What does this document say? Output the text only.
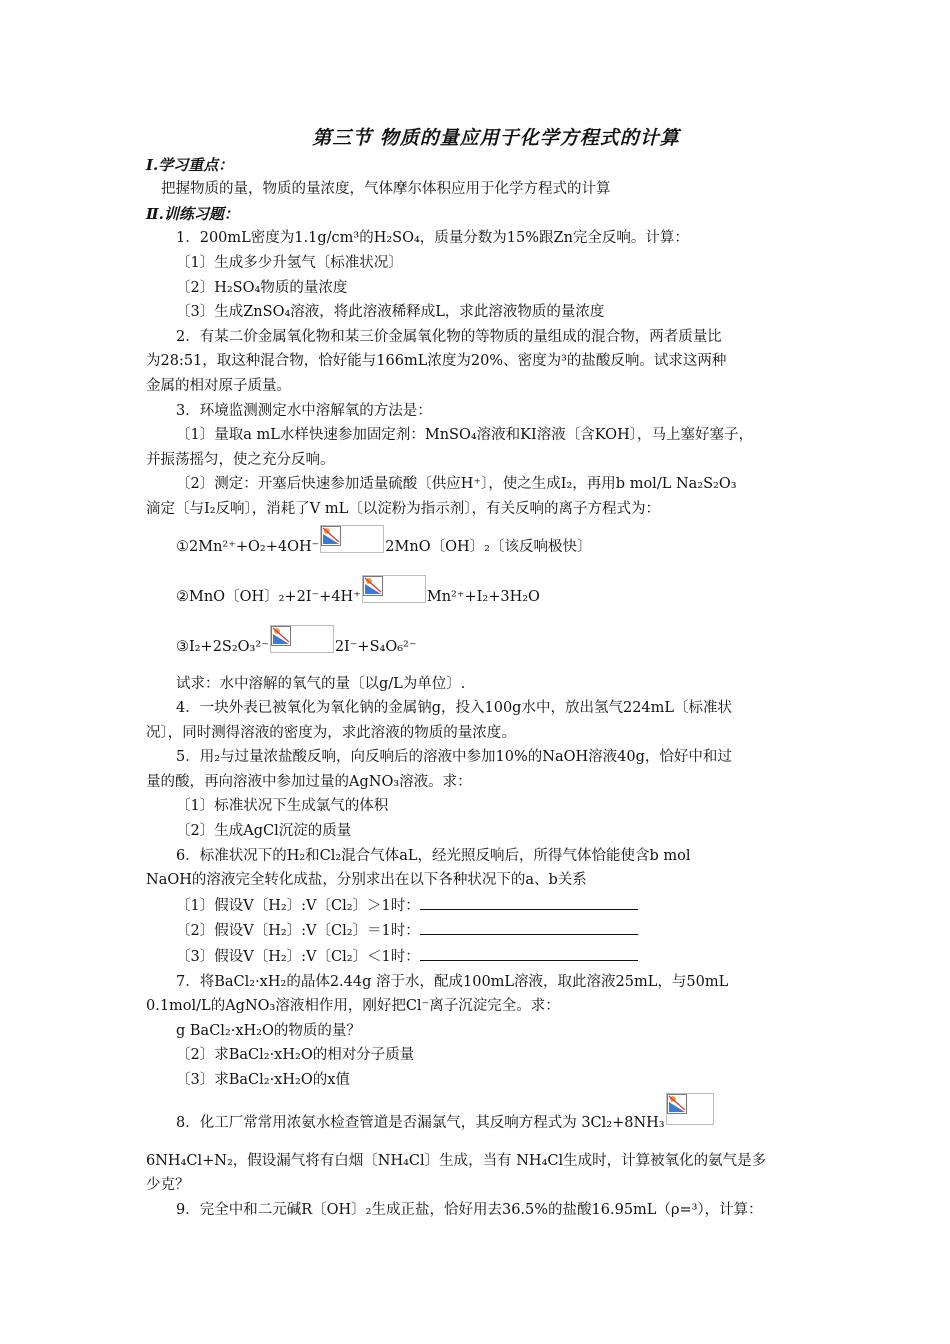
第三节 物质的量应用于化学方程式的计算

Ⅰ.学习重点：

把握物质的量，物质的量浓度，气体摩尔体积应用于化学方程式的计算

Ⅱ.训练习题：

1．200mL密度为1.1g/cm³的H₂SO₄，质量分数为15%跟Zn完全反响。计算：

〔1〕生成多少升氢气〔标准状况〕

〔2〕H₂SO₄物质的量浓度

〔3〕生成ZnSO₄溶液，将此溶液稀释成L，求此溶液物质的量浓度

2．有某二价金属氧化物和某三价金属氧化物的等物质的量组成的混合物，两者质量比

为28:51，取这种混合物，恰好能与166mL浓度为20%、密度为³的盐酸反响。试求这两种

金属的相对原子质量。

3．环境监测测定水中溶解氧的方法是：

〔1〕量取a mL水样快速参加固定剂：MnSO₄溶液和KI溶液〔含KOH〕，马上塞好塞子，

并振荡摇匀，使之充分反响。

〔2〕测定：开塞后快速参加适量硫酸〔供应H⁺〕，使之生成I₂，再用b mol/L Na₂S₂O₃

滴定〔与I₂反响〕，消耗了V mL〔以淀粉为指示剂〕，有关反响的离子方程式为：

①2Mn²⁺+O₂+4OH⁻	2MnO〔OH〕₂〔该反响极快〕
②MnO〔OH〕₂+2I⁻+4H⁺	Mn²⁺+I₂+3H₂O
③I₂+2S₂O₃²⁻	2I⁻+S₄O₆²⁻

试求：水中溶解的氧气的量〔以g/L为单位〕.

4．一块外表已被氧化为氧化钠的金属钠g，投入100g水中，放出氢气224mL〔标准状

况〕，同时测得溶液的密度为，求此溶液的物质的量浓度。

5．用₂与过量浓盐酸反响，向反响后的溶液中参加10%的NaOH溶液40g，恰好中和过

量的酸，再向溶液中参加过量的AgNO₃溶液。求：

〔1〕标准状况下生成氯气的体积

〔2〕生成AgCl沉淀的质量

6．标准状况下的H₂和Cl₂混合气体aL，经光照反响后，所得气体恰能使含b mol

NaOH的溶液完全转化成盐，分别求出在以下各种状况下的a、b关系

〔1〕假设V〔H₂〕:V〔Cl₂〕＞1时：

〔2〕假设V〔H₂〕:V〔Cl₂〕＝1时：

〔3〕假设V〔H₂〕:V〔Cl₂〕＜1时：

7．将BaCl₂·xH₂的晶体2.44g 溶于水，配成100mL溶液，取此溶液25mL，与50mL

0.1mol/L的AgNO₃溶液相作用，刚好把Cl⁻离子沉淀完全。求：

g BaCl₂·xH₂O的物质的量？

〔2〕求BaCl₂·xH₂O的相对分子质量

〔3〕求BaCl₂·xH₂O的x值

8．化工厂常常用浓氨水检查管道是否漏氯气，其反响方程式为 3Cl₂+8NH₃

6NH₄Cl+N₂，假设漏气将有白烟〔NH₄Cl〕生成，当有 NH₄Cl生成时，计算被氧化的氨气是多

少克？

9．完全中和二元碱R〔OH〕₂生成正盐，恰好用去36.5%的盐酸16.95mL（ρ=³），计算：
